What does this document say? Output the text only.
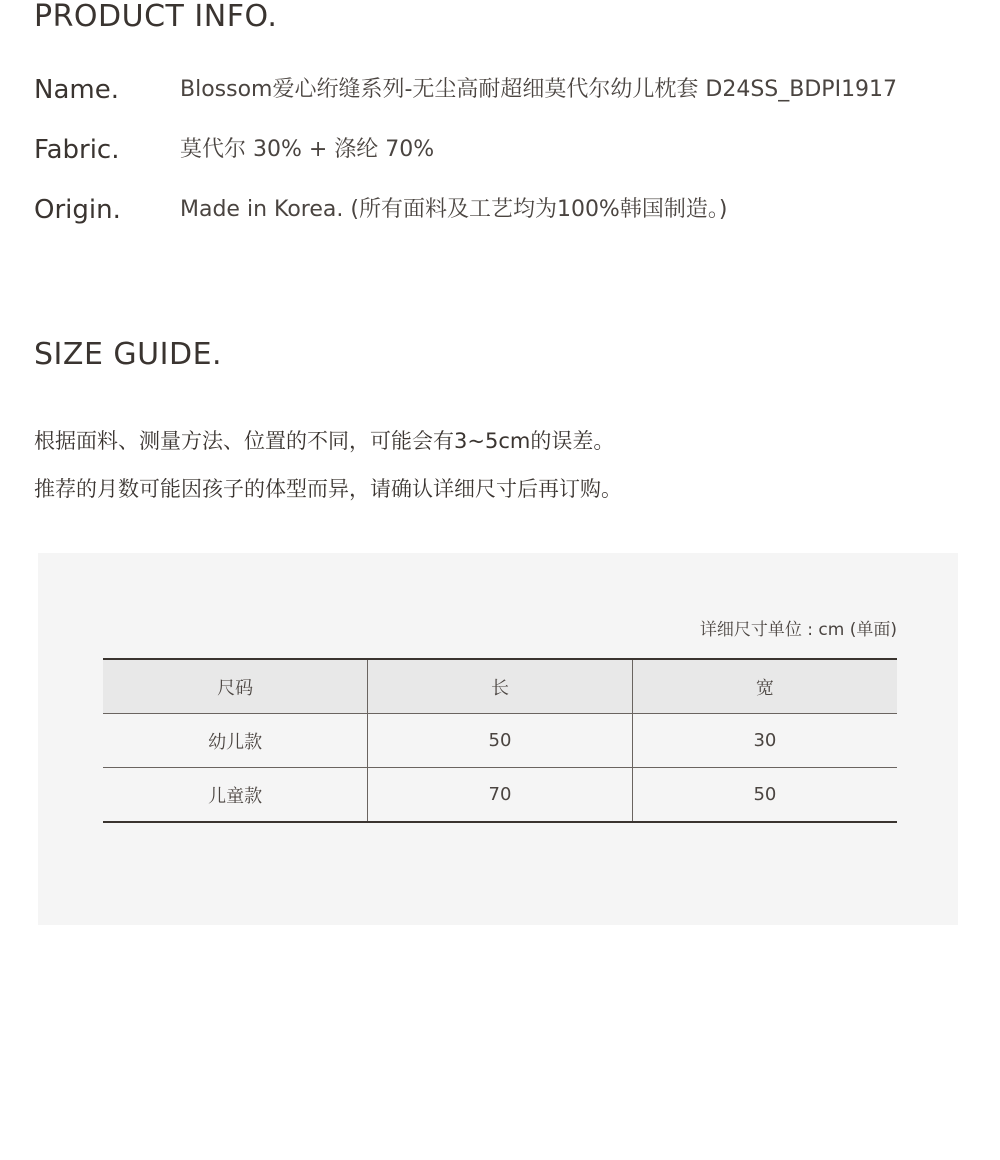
PRODUCT INFO.
Name.	Blossom爱心绗缝系列-无尘高耐超细莫代尔幼儿枕套 D24SS_BDPI1917
Fabric.	莫代尔 30% + 涤纶 70%
Origin.	Made in Korea. (所有面料及工艺均为100%韩国制造。)
SIZE GUIDE.

根据面料、测量方法、位置的不同，可能会有3~5cm的误差。

推荐的月数可能因孩子的体型而异，请确认详细尺寸后再订购。

详细尺寸单位 : cm (单面)
尺码	长	宽
幼儿款	50	30
儿童款	70	50
